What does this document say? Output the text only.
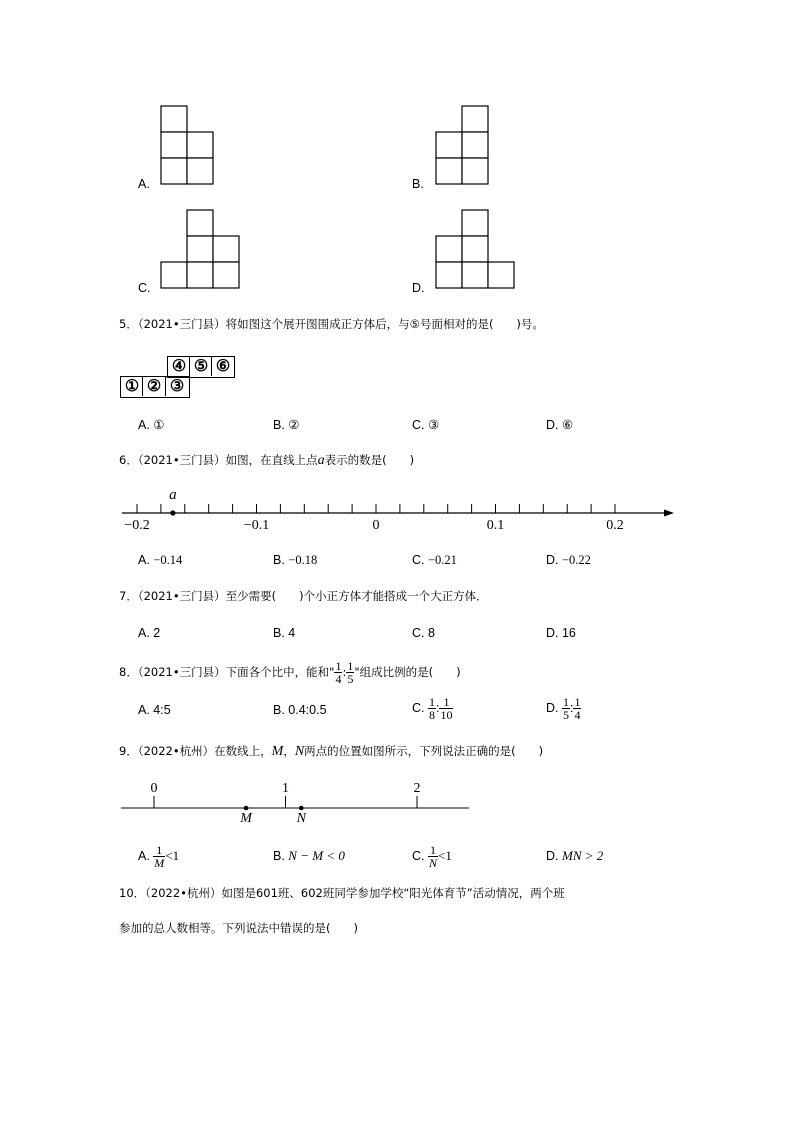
A.	B.
C.	D.
5．（2021•三门县）将如图这个展开图围成正方体后，与⑤号面相对的是(　　)号。
④ ⑤ ⑥
① ② ③
A. ①	B. ②	C. ③	D. ⑥
6．（2021•三门县）如图，在直线上点a表示的数是(　　)
−0.2	−0.1	0	0.1	0.2
a
A. −0.14	B. −0.18	C. −0.21	D. −0.22
7．（2021•三门县）至少需要(　　)个小正方体才能搭成一个大正方体．
A. 2	B. 4	C. 8	D. 16
8．（2021•三门县）下面各个比中，能和" $\frac{1}{4}$ : $\frac{1}{5}$ "组成比例的是(　　)
A. 4:5	B. 0.4:0.5	C. $\frac{1}{8}$ : $\frac{1}{10}$	D. $\frac{1}{5}$ : $\frac{1}{4}$
9．（2022•杭州）在数线上，M，N两点的位置如图所示，下列说法正确的是(　　)
0	1	2
M	N
A. $\frac{1}{M} <1$	B. N − M < 0	C. $\frac{1}{N} <1$	D. MN > 2
10．（2022•杭州）如图是601班、602班同学参加学校“阳光体育节”活动情况，两个班
参加的总人数相等。下列说法中错误的是(　　)
